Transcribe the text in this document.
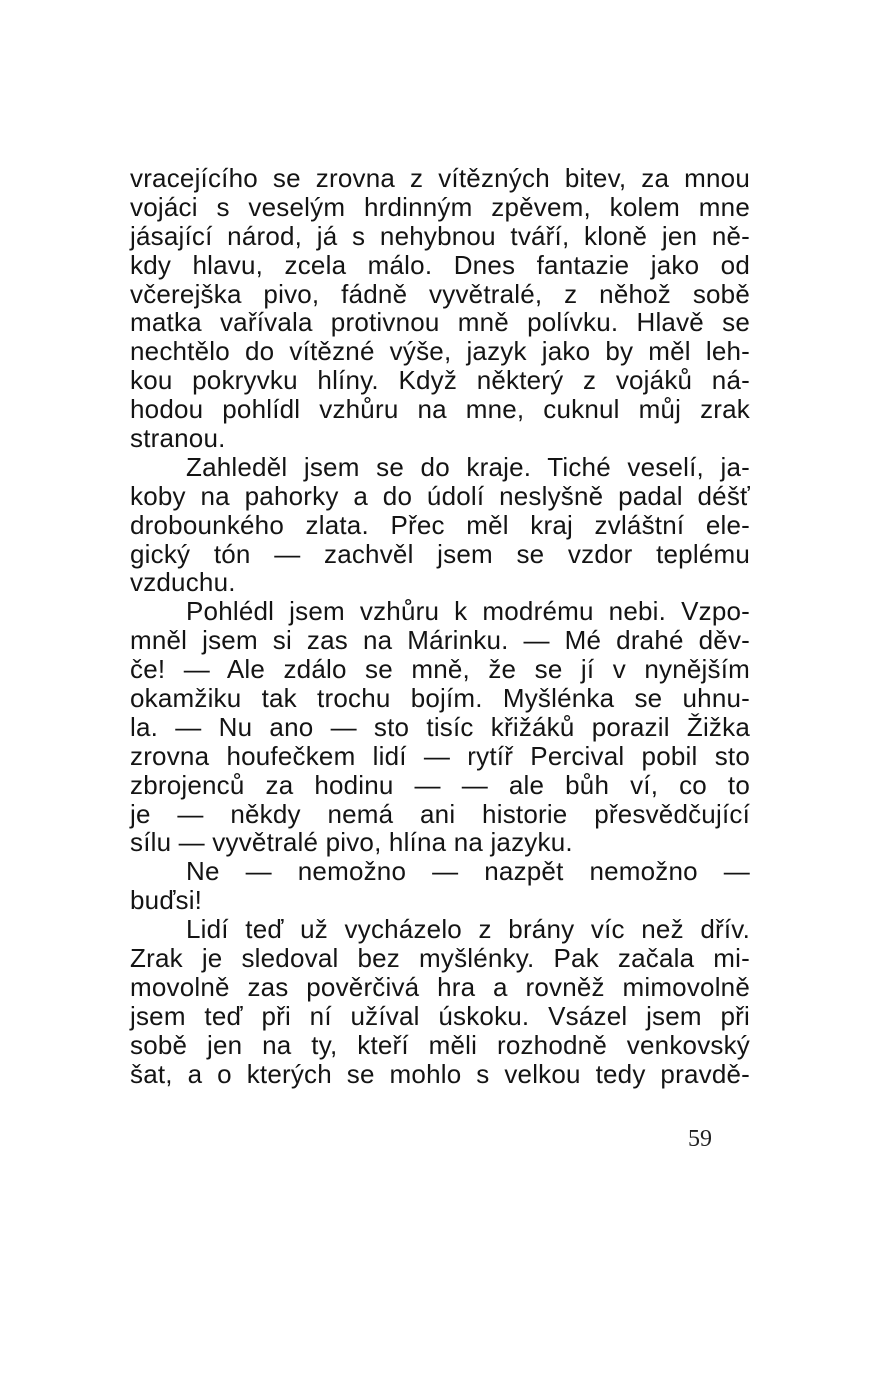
vracejícího se zrovna z vítězných bitev, za mnou
vojáci s veselým hrdinným zpěvem, kolem mne
jásající národ, já s nehybnou tváří, kloně jen ně-
kdy hlavu, zcela málo. Dnes fantazie jako od
včerejška pivo, fádně vyvětralé, z něhož sobě
matka vařívala protivnou mně polívku. Hlavě se
nechtělo do vítězné výše, jazyk jako by měl leh-
kou pokryvku hlíny. Když některý z vojáků ná-
hodou pohlídl vzhůru na mne, cuknul můj zrak
stranou.
Zahleděl jsem se do kraje. Tiché veselí, ja-
koby na pahorky a do údolí neslyšně padal déšť
drobounkého zlata. Přec měl kraj zvláštní ele-
gický tón — zachvěl jsem se vzdor teplému
vzduchu.
Pohlédl jsem vzhůru k modrému nebi. Vzpo-
mněl jsem si zas na Márinku. — Mé drahé děv-
če! — Ale zdálo se mně, že se jí v nynějším
okamžiku tak trochu bojím. Myšlénka se uhnu-
la. — Nu ano — sto tisíc křižáků porazil Žižka
zrovna houfečkem lidí — rytíř Percival pobil sto
zbrojenců za hodinu — — ale bůh ví, co to
je — někdy nemá ani historie přesvědčující
sílu — vyvětralé pivo, hlína na jazyku.
Ne — nemožno — nazpět nemožno —
buďsi!
Lidí teď už vycházelo z brány víc než dřív.
Zrak je sledoval bez myšlénky. Pak začala mi-
movolně zas pověrčivá hra a rovněž mimovolně
jsem teď při ní užíval úskoku. Vsázel jsem při
sobě jen na ty, kteří měli rozhodně venkovský
šat, a o kterých se mohlo s velkou tedy pravdě-
59
